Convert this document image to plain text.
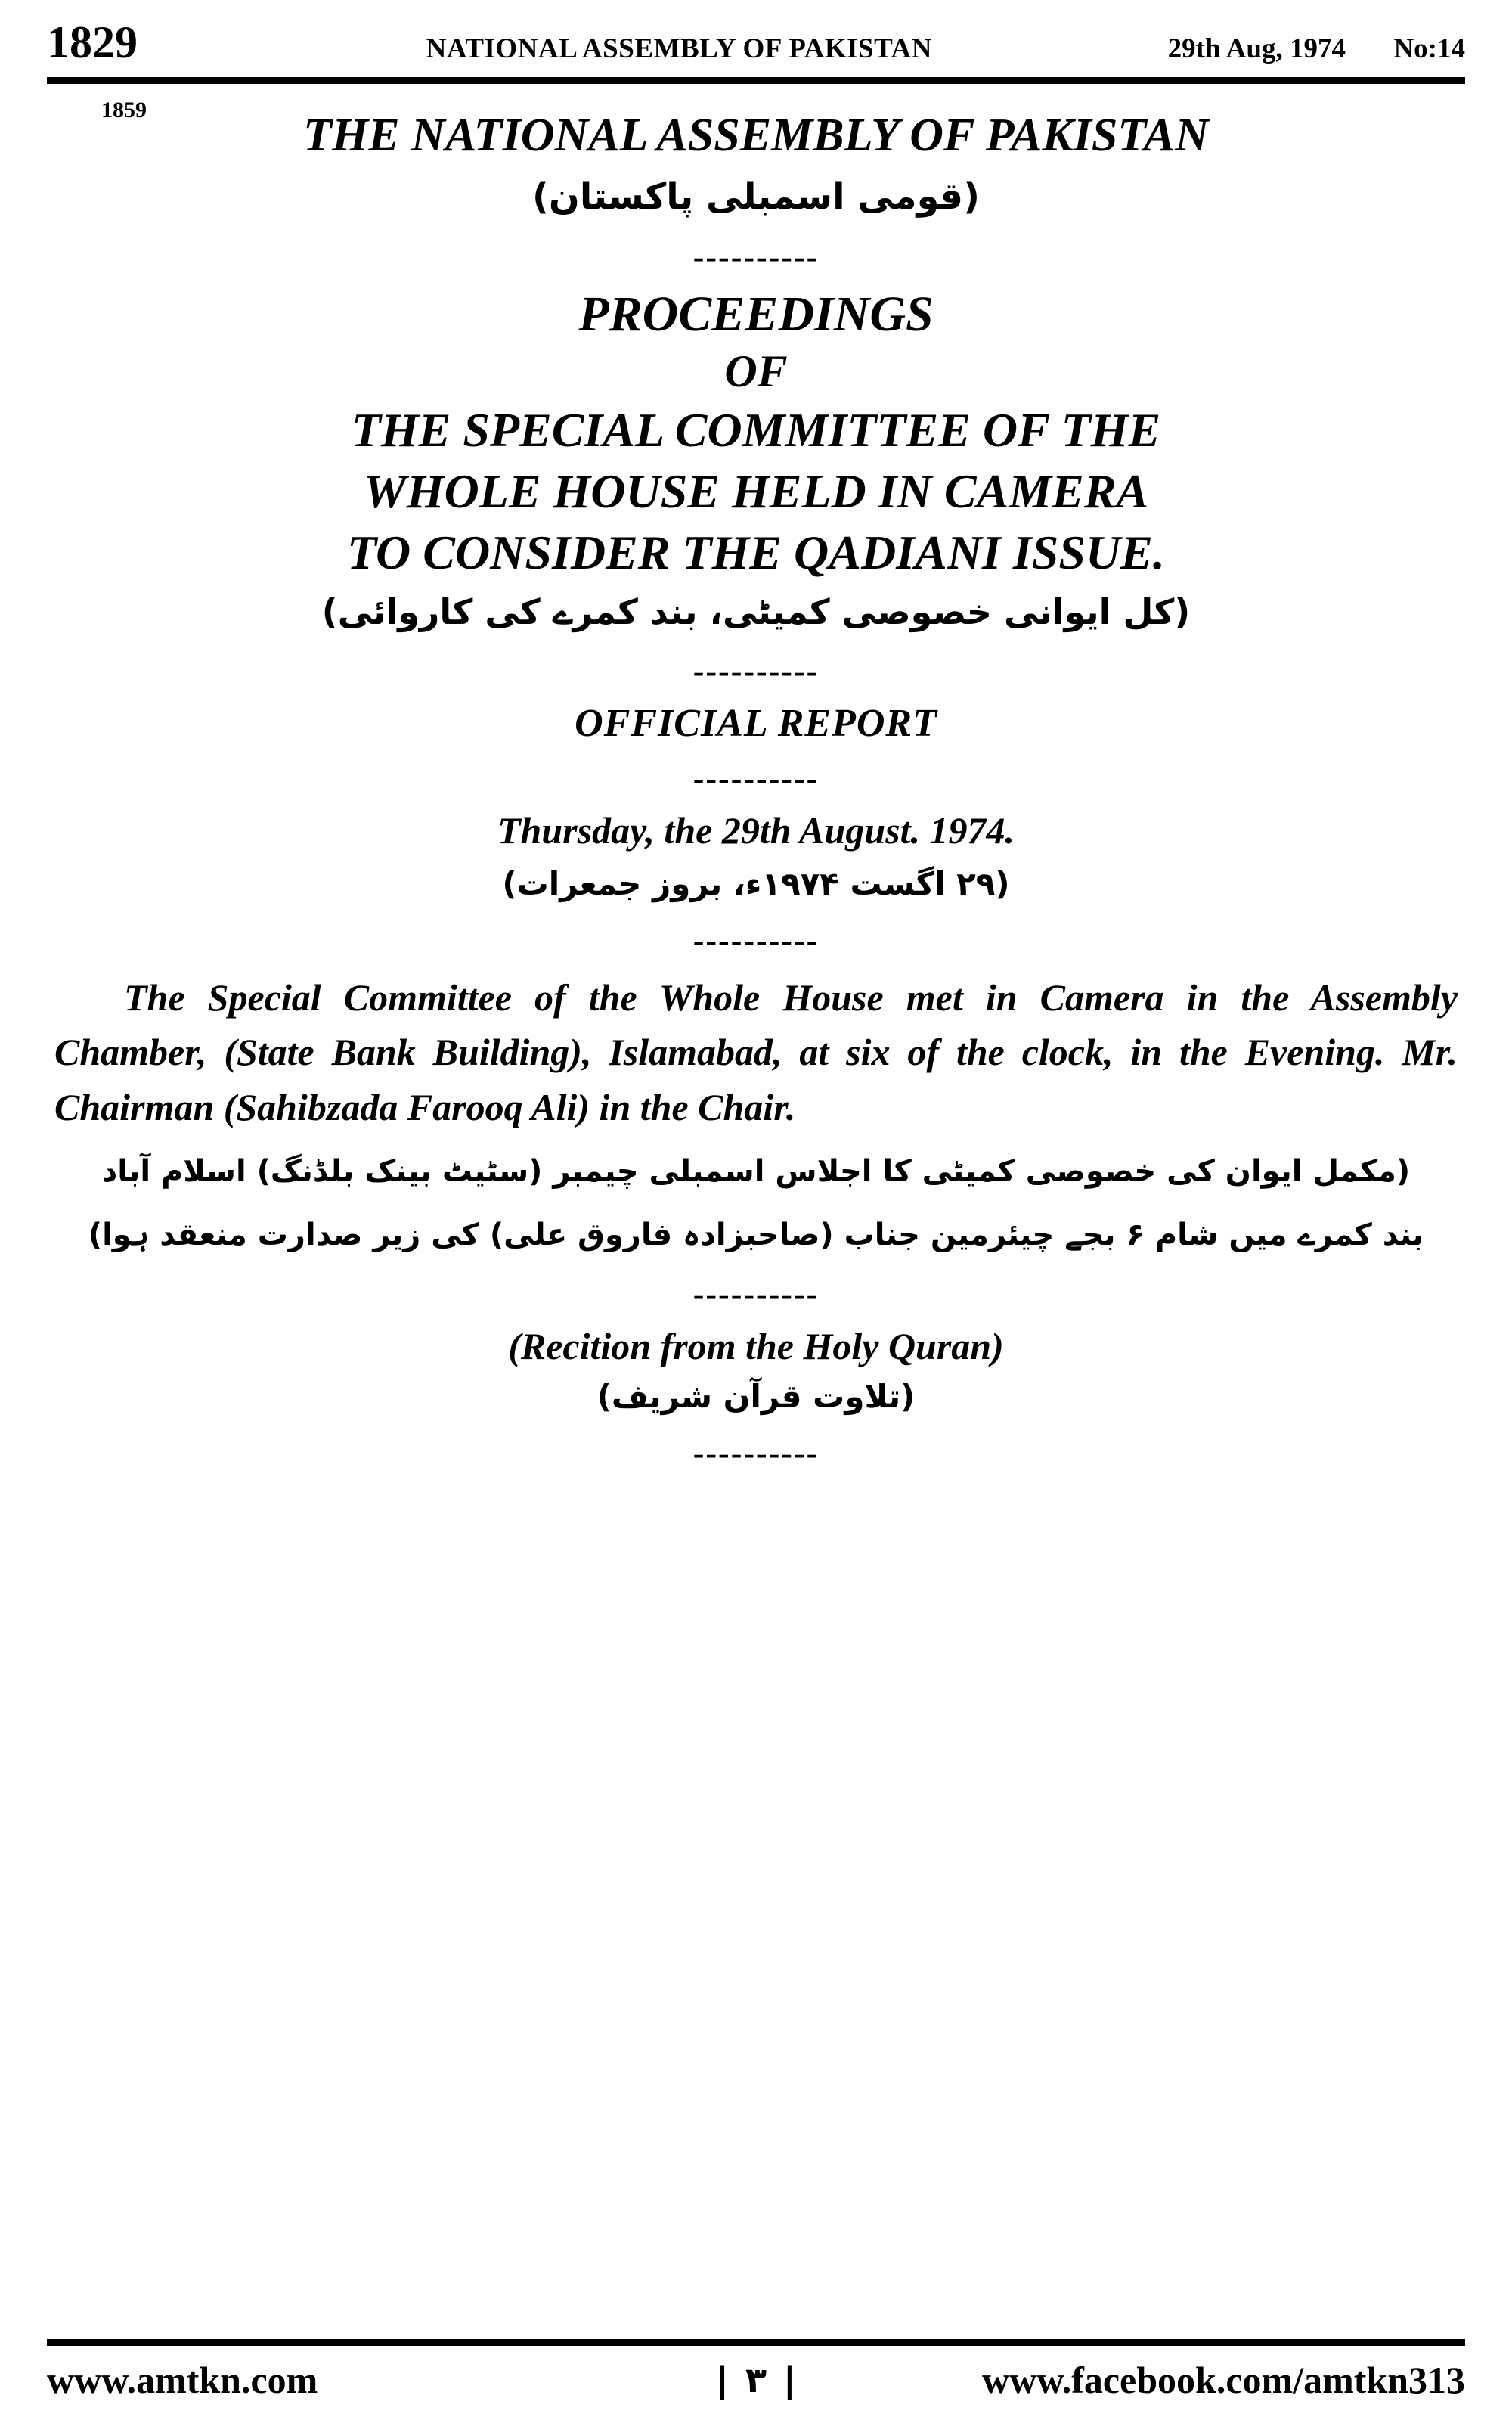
1829	NATIONAL ASSEMBLY OF PAKISTAN	29th Aug, 1974	No:14
1859	THE NATIONAL ASSEMBLY OF PAKISTAN
(قومی اسمبلی پاکستان)
----------
PROCEEDINGS
OF
THE SPECIAL COMMITTEE OF THE
WHOLE HOUSE HELD IN CAMERA
TO CONSIDER THE QADIANI ISSUE.
(کل ایوانی خصوصی کمیٹی، بند کمرے کی کاروائی)
----------
OFFICIAL REPORT
----------
Thursday, the 29th August. 1974.
(۲۹ اگست ۱۹۷۴ء، بروز جمعرات)
----------
The Special Committee of the Whole House met in Camera in the Assembly Chamber, (State Bank Building), Islamabad, at six of the clock, in the Evening. Mr. Chairman (Sahibzada Farooq Ali) in the Chair.
(مکمل ایوان کی خصوصی کمیٹی کا اجلاس اسمبلی چیمبر (سٹیٹ بینک بلڈنگ) اسلام آباد
بند کمرے میں شام ۶ بجے چیئرمین جناب (صاحبزادہ فاروق علی) کی زیر صدارت منعقد ہوا)
----------
(Recition from the Holy Quran)
(تلاوت قرآن شریف)
----------
www.amtkn.com	| ۳ |	www.facebook.com/amtkn313
